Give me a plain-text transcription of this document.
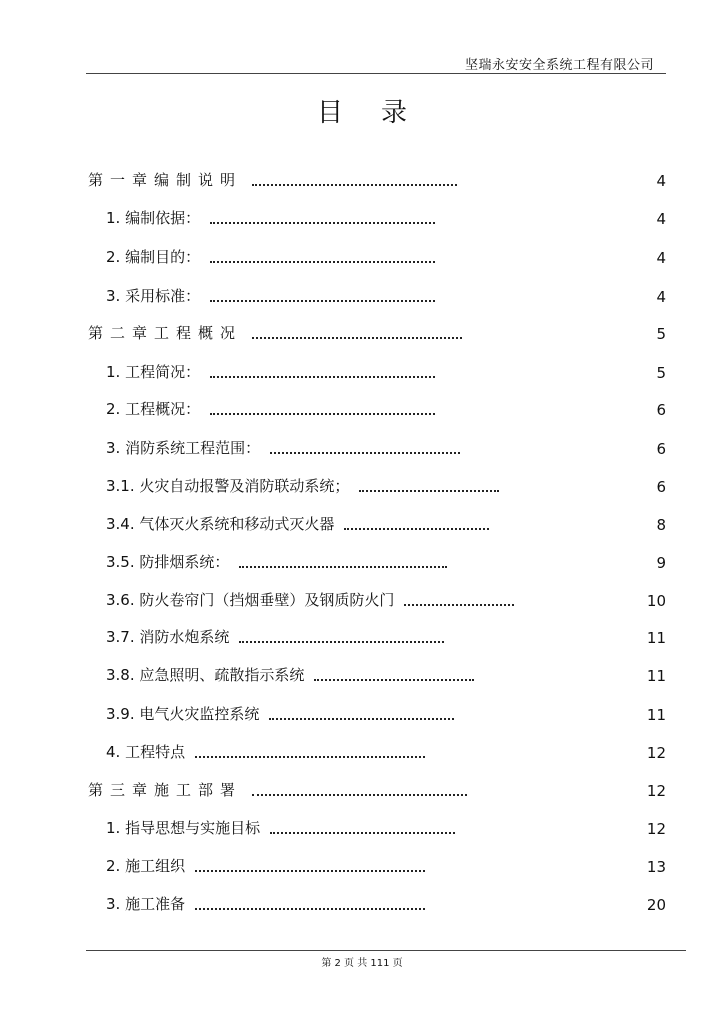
坚瑞永安安全系统工程有限公司
目录
第一章编制说明	4
1. 编制依据：	4
2. 编制目的：	4
3. 采用标准：	4
第二章工程概况	5
1. 工程简况：	5
2. 工程概况：	6
3. 消防系统工程范围：	6
3.1. 火灾自动报警及消防联动系统；	6
3.4. 气体灭火系统和移动式灭火器	8
3.5. 防排烟系统：	9
3.6. 防火卷帘门（挡烟垂壁）及钢质防火门	10
3.7. 消防水炮系统	11
3.8. 应急照明、疏散指示系统	11
3.9. 电气火灾监控系统	11
4. 工程特点	12
第三章施工部署	12
1. 指导思想与实施目标	12
2. 施工组织	13
3. 施工准备	20
第 2 页 共 111 页
